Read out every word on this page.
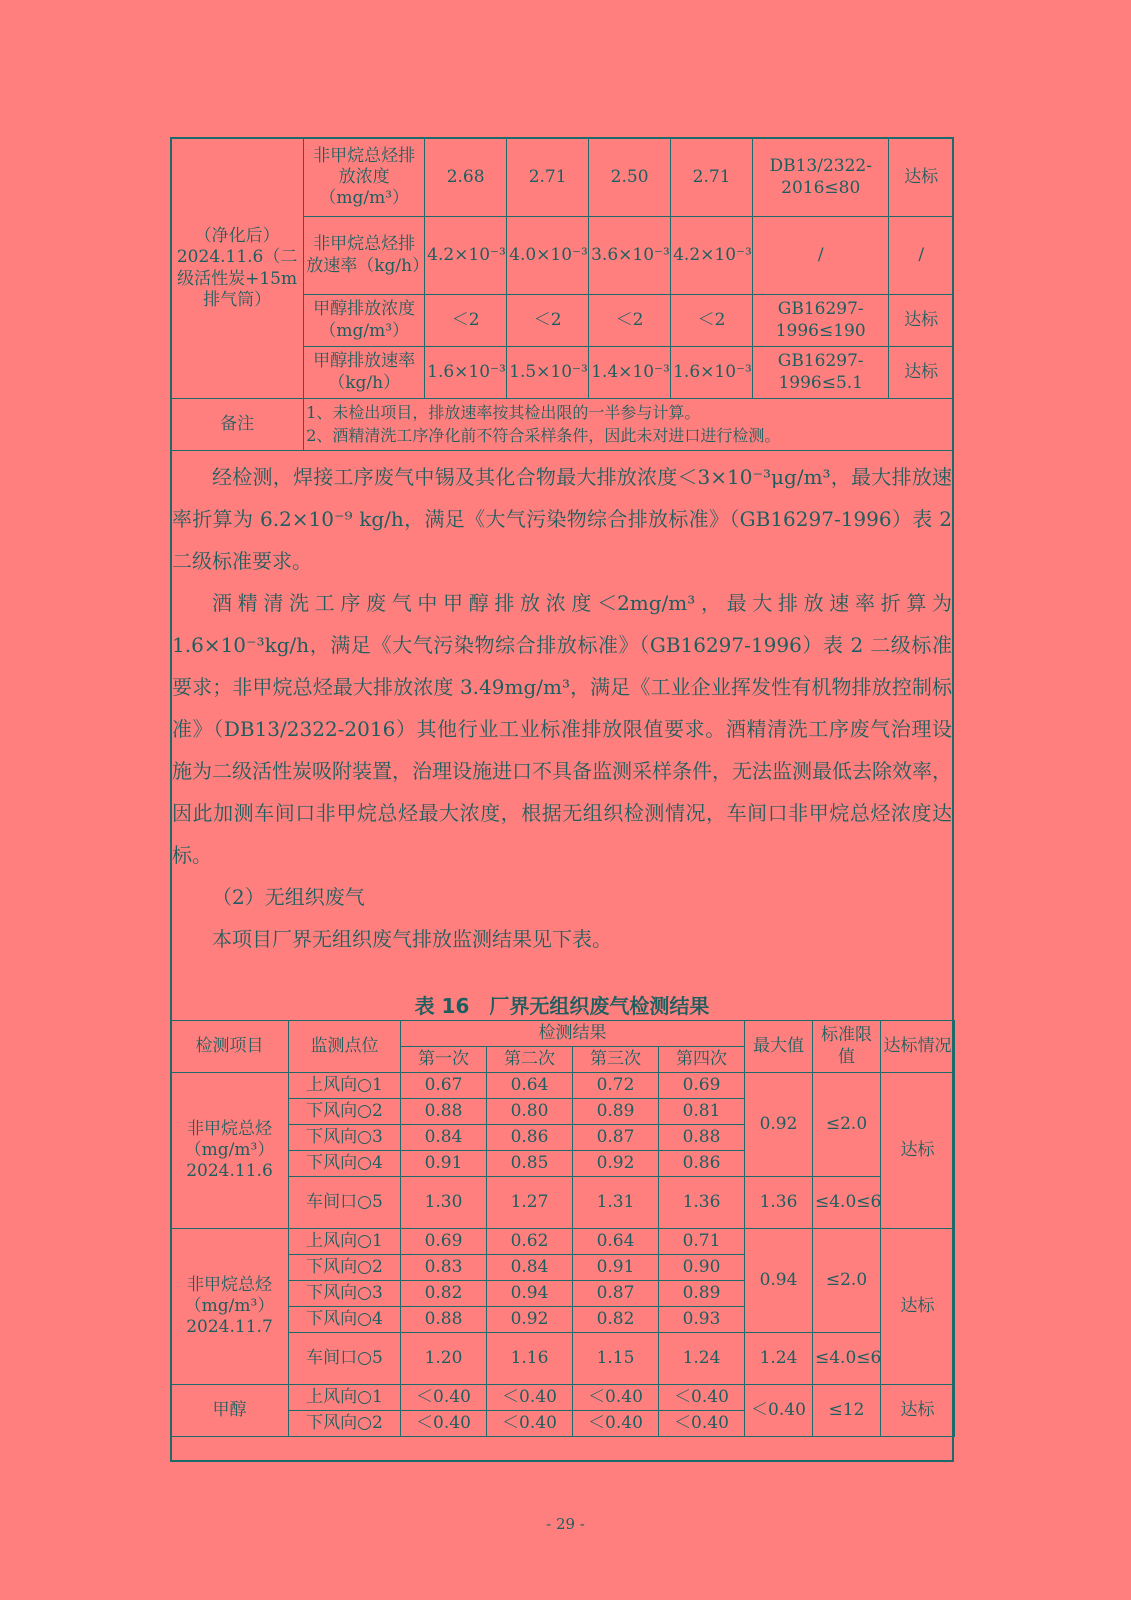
（净化后）2024.11.6（二级活性炭+15m 排气筒）	非甲烷总烃排放浓度（mg/m³）	2.68	2.71	2.50	2.71	DB13/2322-2016≤80	达标
	非甲烷总烃排放速率（kg/h）	4.2×10⁻³	4.0×10⁻³	3.6×10⁻³	4.2×10⁻³	/	/
	甲醇排放浓度（mg/m³）	＜2	＜2	＜2	＜2	GB16297-1996≤190	达标
	甲醇排放速率（kg/h）	1.6×10⁻³	1.5×10⁻³	1.4×10⁻³	1.6×10⁻³	GB16297-1996≤5.1	达标
备注	1、未检出项目，排放速率按其检出限的一半参与计算。
2、酒精清洗工序净化前不符合采样条件，因此未对进口进行检测。						

经检测，焊接工序废气中锡及其化合物最大排放浓度＜3×10⁻³μg/m³，最大排放速率折算为 6.2×10⁻⁹ kg/h，满足《大气污染物综合排放标准》（GB16297-1996）表 2 二级标准要求。

酒精清洗工序废气中甲醇排放浓度＜2mg/m³，最大排放速率折算为 1.6×10⁻³kg/h，满足《大气污染物综合排放标准》（GB16297-1996）表 2 二级标准要求；非甲烷总烃最大排放浓度 3.49mg/m³，满足《工业企业挥发性有机物排放控制标准》（DB13/2322-2016）其他行业工业标准排放限值要求。酒精清洗工序废气治理设施为二级活性炭吸附装置，治理设施进口不具备监测采样条件，无法监测最低去除效率，因此加测车间口非甲烷总烃最大浓度，根据无组织检测情况，车间口非甲烷总烃浓度达标。

（2）无组织废气

本项目厂界无组织废气排放监测结果见下表。

表 16　厂界无组织废气检测结果
检测项目	监测点位	检测结果				最大值	标准限值	达标情况
		第一次	第二次	第三次	第四次			
非甲烷总烃（mg/m³）2024.11.6	上风向○1	0.67	0.64	0.72	0.69	0.92	≤2.0	达标
	下风向○2	0.88	0.80	0.89	0.81			
	下风向○3	0.84	0.86	0.87	0.88			
	下风向○4	0.91	0.85	0.92	0.86			
	车间口○5	1.30	1.27	1.31	1.36	1.36	≤4.0≤6	
非甲烷总烃（mg/m³）2024.11.7	上风向○1	0.69	0.62	0.64	0.71	0.94	≤2.0	达标
	下风向○2	0.83	0.84	0.91	0.90			
	下风向○3	0.82	0.94	0.87	0.89			
	下风向○4	0.88	0.92	0.82	0.93			
	车间口○5	1.20	1.16	1.15	1.24	1.24	≤4.0≤6	
甲醇	上风向○1	＜0.40	＜0.40	＜0.40	＜0.40	＜0.40	≤12	达标
	下风向○2	＜0.40	＜0.40	＜0.40	＜0.40			
- 29 -
